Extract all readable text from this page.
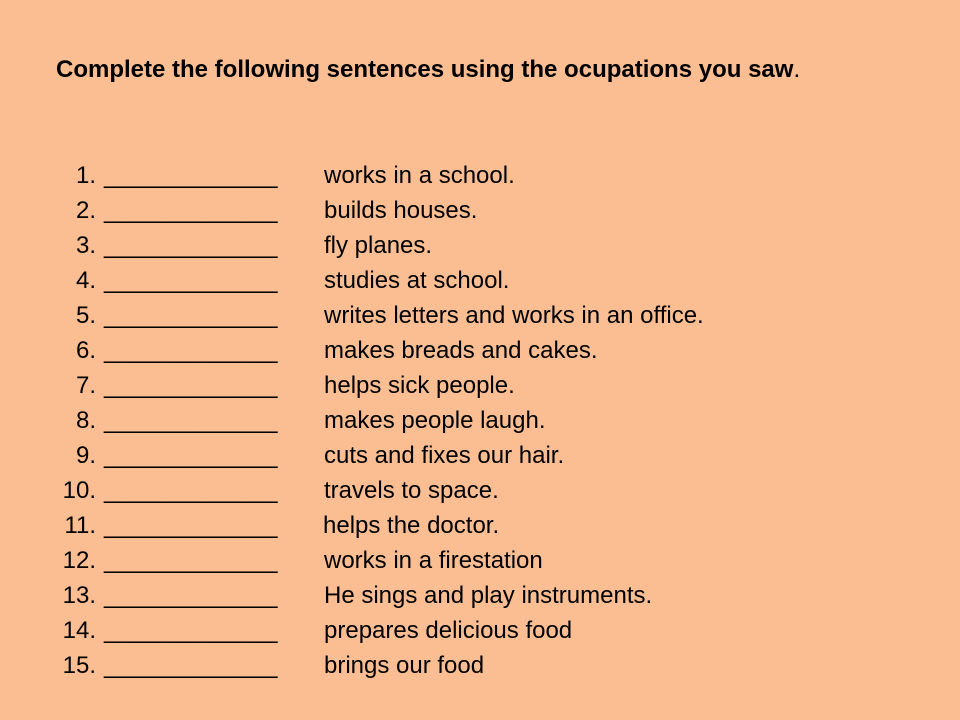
Complete the following sentences using the ocupations you saw.

1. _____________ works in a school.
2. _____________ builds houses.
3. _____________ fly planes.
4. _____________ studies at school.
5. _____________ writes letters and works in an office.
6. _____________ makes breads and cakes.
7. _____________ helps sick people.
8. _____________ makes people laugh.
9. _____________ cuts and fixes our hair.
10. _____________ travels to space.
11. _____________ helps the doctor.
12. _____________ works in a firestation
13. _____________ He sings and play instruments.
14. _____________ prepares delicious food
15. _____________ brings our food
